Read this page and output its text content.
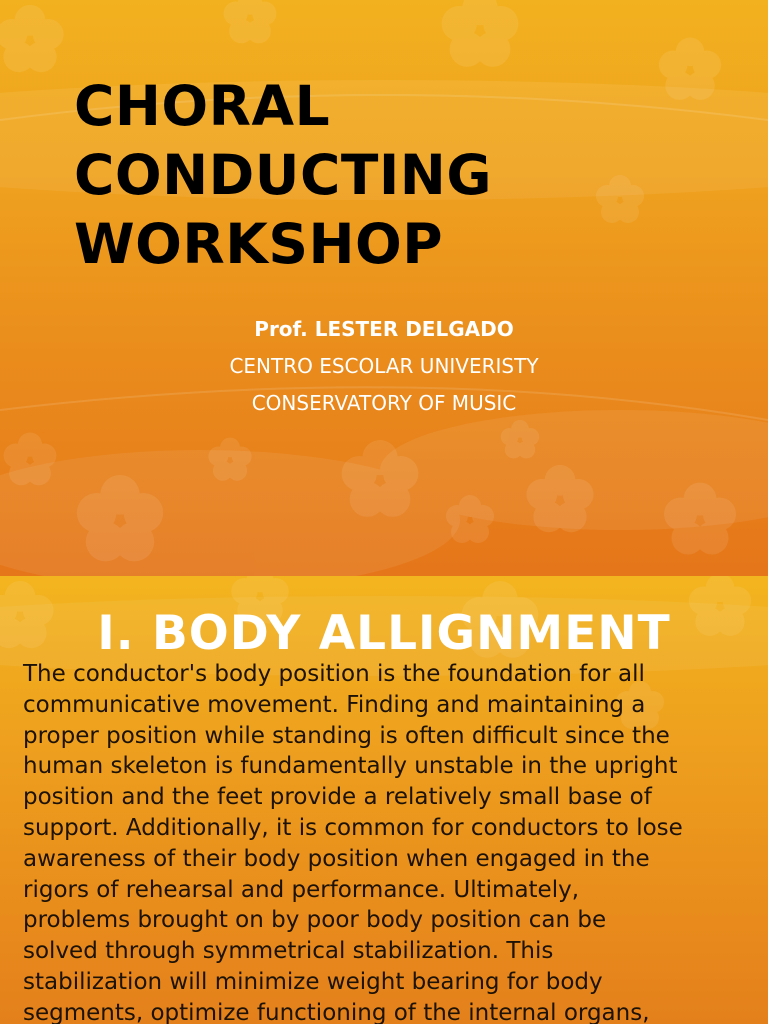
CHORAL
CONDUCTING
WORKSHOP
Prof. LESTER DELGADO
CENTRO ESCOLAR UNIVERISTY
CONSERVATORY OF MUSIC
I. BODY ALLIGNMENT
The conductor's body position is the foundation for all
communicative movement. Finding and maintaining a
proper position while standing is often difficult since the
human skeleton is fundamentally unstable in the upright
position and the feet provide a relatively small base of
support. Additionally, it is common for conductors to lose
awareness of their body position when engaged in the
rigors of rehearsal and performance. Ultimately,
problems brought on by poor body position can be
solved through symmetrical stabilization. This
stabilization will minimize weight bearing for body
segments, optimize functioning of the internal organs,
